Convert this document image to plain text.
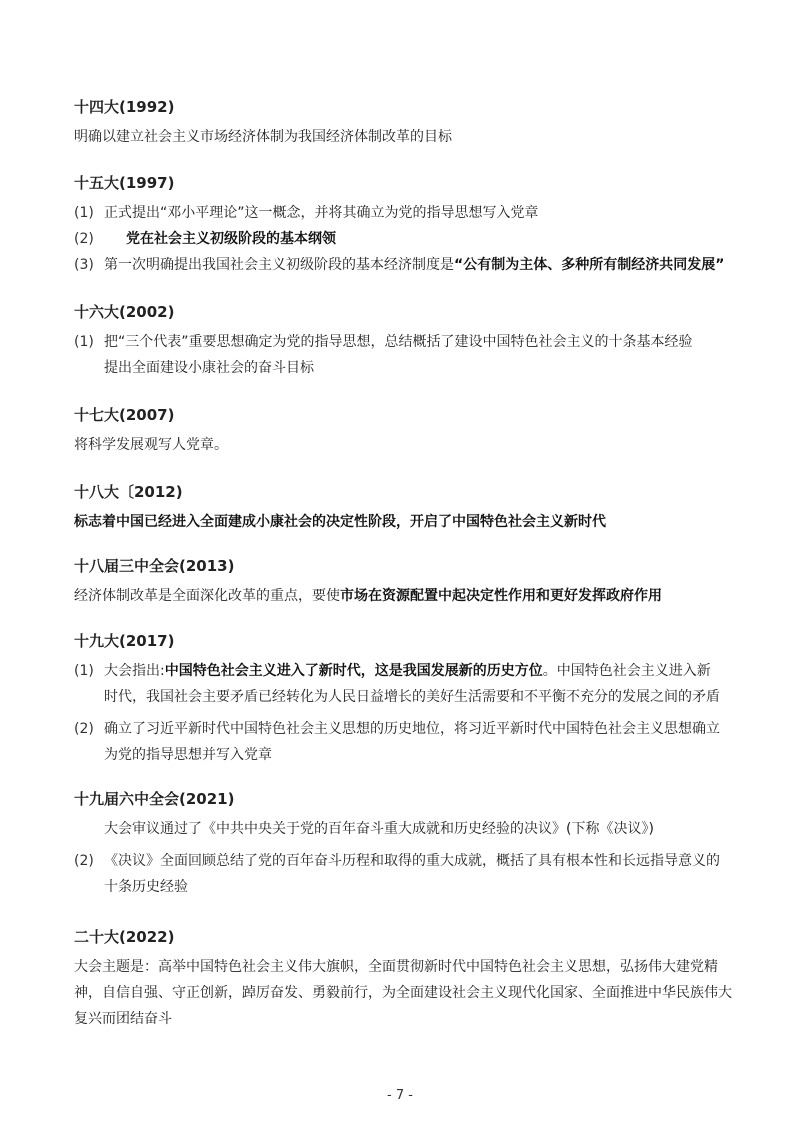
十四大(1992)
明确以建立社会主义市场经济体制为我国经济体制改革的目标
十五大(1997)
(1) 正式提出“邓小平理论”这一概念，并将其确立为党的指导思想写入党章
(2)	党在社会主义初级阶段的基本纲领
(3) 第一次明确提出我国社会主义初级阶段的基本经济制度是“公有制为主体、多种所有制经济共同发展”
十六大(2002)
(1) 把“三个代表”重要思想确定为党的指导思想，总结概括了建设中国特色社会主义的十条基本经验
提出全面建设小康社会的奋斗目标
十七大(2007)
将科学发展观写人党章。
十八大〔2012)
标志着中国已经进入全面建成小康社会的决定性阶段，开启了中国特色社会主义新时代
十八届三中全会(2013)
经济体制改革是全面深化改革的重点，要使市场在资源配置中起决定性作用和更好发挥政府作用
十九大(2017)
(1) 大会指出:中国特色社会主义进入了新时代，这是我国发展新的历史方位。中国特色社会主义进入新
时代，我国社会主要矛盾已经转化为人民日益增长的美好生活需要和不平衡不充分的发展之间的矛盾
(2) 确立了习近平新时代中国特色社会主义思想的历史地位，将习近平新时代中国特色社会主义思想确立
为党的指导思想并写入党章
十九届六中全会(2021)
大会审议通过了《中共中央关于党的百年奋斗重大成就和历史经验的决议》(下称《决议》)
(2) 《决议》全面回顾总结了党的百年奋斗历程和取得的重大成就，概括了具有根本性和长远指导意义的
十条历史经验
二十大(2022)
大会主题是：高举中国特色社会主义伟大旗帜，全面贯彻新时代中国特色社会主义思想，弘扬伟大建党精
神，自信自强、守正创新，踔厉奋发、勇毅前行，为全面建设社会主义现代化国家、全面推进中华民族伟大
复兴而团结奋斗
- 7 -
